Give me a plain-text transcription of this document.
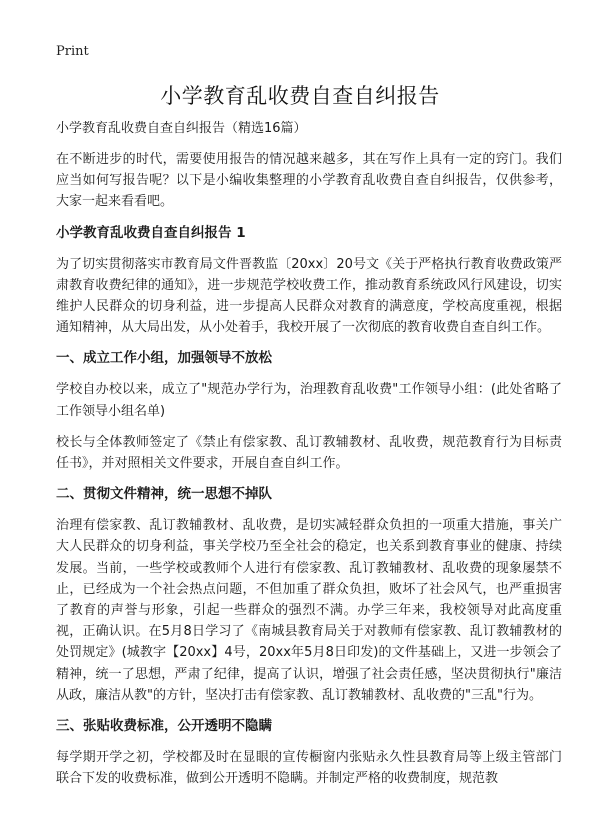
Print
小学教育乱收费自查自纠报告
小学教育乱收费自查自纠报告（精选16篇）

在不断进步的时代，需要使用报告的情况越来越多，其在写作上具有一定的窍门。我们应当如何写报告呢？以下是小编收集整理的小学教育乱收费自查自纠报告，仅供参考，大家一起来看看吧。

小学教育乱收费自查自纠报告 1

为了切实贯彻落实市教育局文件晋教监〔20xx〕20号文《关于严格执行教育收费政策严肃教育收费纪律的通知》，进一步规范学校收费工作，推动教育系统政风行风建设，切实维护人民群众的切身利益，进一步提高人民群众对教育的满意度，学校高度重视，根据通知精神，从大局出发，从小处着手，我校开展了一次彻底的教育收费自查自纠工作。

一、成立工作小组，加强领导不放松

学校自办校以来，成立了"规范办学行为，治理教育乱收费"工作领导小组：(此处省略了工作领导小组名单)

校长与全体教师签定了《禁止有偿家教、乱订教辅教材、乱收费，规范教育行为目标责任书》，并对照相关文件要求，开展自查自纠工作。

二、贯彻文件精神，统一思想不掉队

治理有偿家教、乱订教辅教材、乱收费，是切实减轻群众负担的一项重大措施，事关广大人民群众的切身利益，事关学校乃至全社会的稳定，也关系到教育事业的健康、持续发展。当前，一些学校或教师个人进行有偿家教、乱订教辅教材、乱收费的现象屡禁不止，已经成为一个社会热点问题，不但加重了群众负担，败坏了社会风气，也严重损害了教育的声誉与形象，引起一些群众的强烈不满。办学三年来，我校领导对此高度重视，正确认识。在5月8日学习了《南城县教育局关于对教师有偿家教、乱订教辅教材的处罚规定》(城教字【20xx】4号，20xx年5月8日印发)的文件基础上，又进一步领会了精神，统一了思想，严肃了纪律，提高了认识，增强了社会责任感，坚决贯彻执行"廉洁从政，廉洁从教"的方针，坚决打击有偿家教、乱订教辅教材、乱收费的"三乱"行为。

三、张贴收费标准，公开透明不隐瞒

每学期开学之初，学校都及时在显眼的宣传橱窗内张贴永久性县教育局等上级主管部门联合下发的收费标准，做到公开透明不隐瞒。并制定严格的收费制度，规范教
